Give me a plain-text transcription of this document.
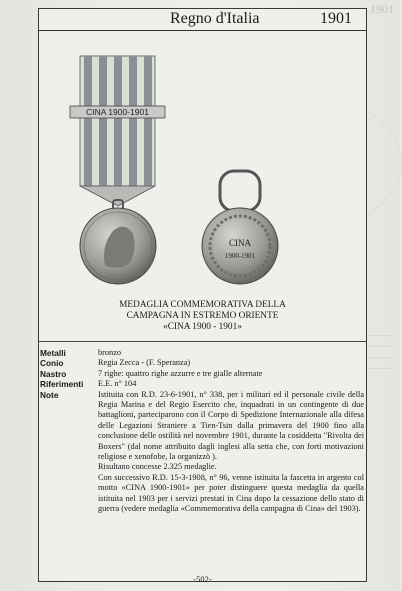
1901
Regno d'Italia	1901
CINA 1900-1901
CINA
1900-1901
MEDAGLIA COMMEMORATIVA DELLA
CAMPAGNA IN ESTREMO ORIENTE
«CINA 1900 - 1901»
Metalli	bronzo
Conio	Regia Zecca - (F. Speranza)
Nastro	7 righe: quattro righe azzurre e tre gialle alternate
Riferimenti	E.E. n° 104
Note	Istituita con R.D. 23-6-1901, n° 338, per i militari ed il personale civile della Regia Marina e del Regio Esercito che, inquadrati in un contingente di due battaglioni, parteciparono con il Corpo di Spedizione Internazionale alla difesa delle Legazioni Straniere a Tien-Tsin dalla primavera del 1900 fino alla conclusione delle ostilità nel novembre 1901, durante la cosiddetta "Rivolta dei Boxers" (dal nome attribuito dagli inglesi alla setta che, con forti motivazioni religiose e xenofobe, la organizzò ).
Risultano concesse 2.325 medaglie.
Con successivo R.D. 15-3-1908, n° 96, venne istituita la fascetta in argento col motto «CINA 1900-1901» per poter distinguere questa medaglia da quella istituita nel 1903 per i servizi prestati in Cina dopo la cessazione dello stato di guerra (vedere medaglia «Commemorativa della campagna di Cina» del 1903).
-502-
